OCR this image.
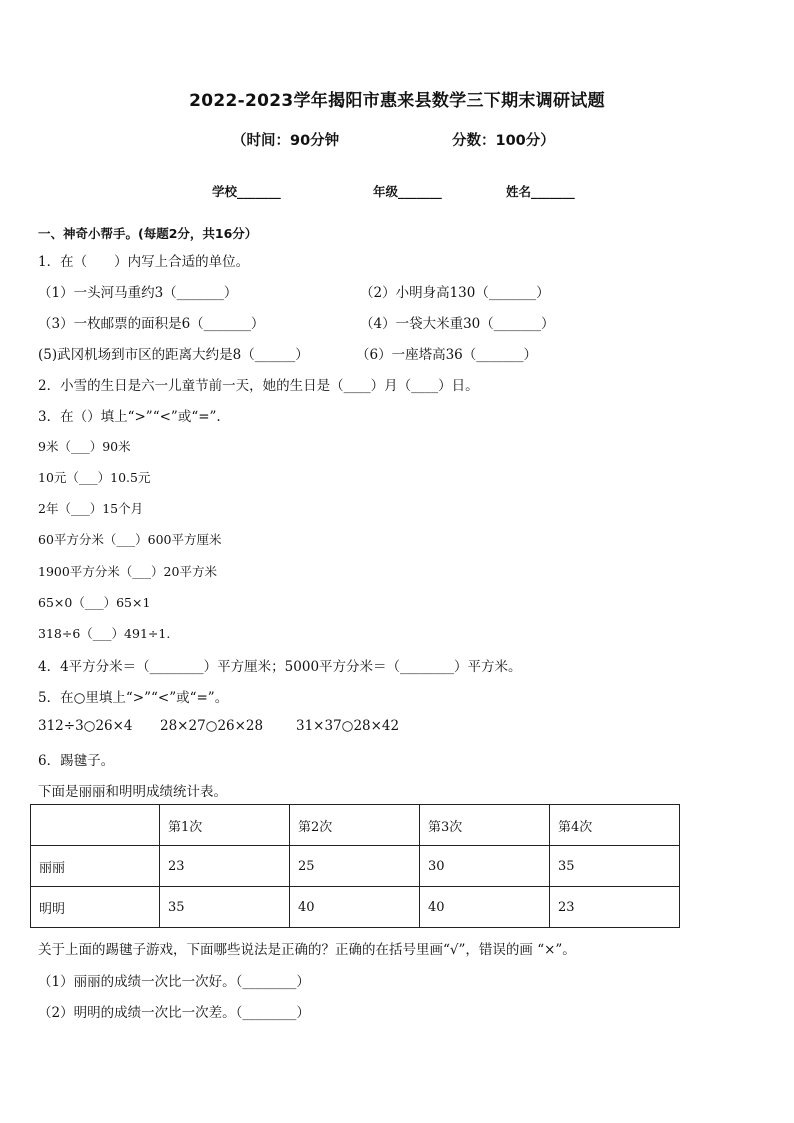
2022-2023学年揭阳市惠来县数学三下期末调研试题
（时间：90分钟	分数：100分）
学校_______	年级_______	姓名_______
一、神奇小帮手。(每题2分，共16分）
1．在（　　）内写上合适的单位。
（1）一头河马重约3（_______）	（2）小明身高130（_______）
（3）一枚邮票的面积是6（_______）	（4）一袋大米重30（_______）
(5)武冈机场到市区的距离大约是8（______）	（6）一座塔高36（_______）
2．小雪的生日是六一儿童节前一天，她的生日是（____）月（____）日。
3．在（）填上“>”“<”或“=”.
9米（___）90米
10元（___）10.5元
2年（___）15个月
60平方分米（___）600平方厘米
1900平方分米（___）20平方米
65×0（___）65×1
318÷6（___）491÷1.
4．4平方分米＝（________）平方厘米；5000平方分米＝（________）平方米。
5．在○里填上“>”“<”或“=”。
312÷3○26×4 28×27○26×28 31×37○28×42
6．踢毽子。
下面是丽丽和明明成绩统计表。
	第1次	第2次	第3次	第4次
丽丽	23	25	30	35
明明	35	40	40	23
关于上面的踢毽子游戏，下面哪些说法是正确的？正确的在括号里画“√”，错误的画 “×”。
（1）丽丽的成绩一次比一次好。（________）
（2）明明的成绩一次比一次差。（________）
